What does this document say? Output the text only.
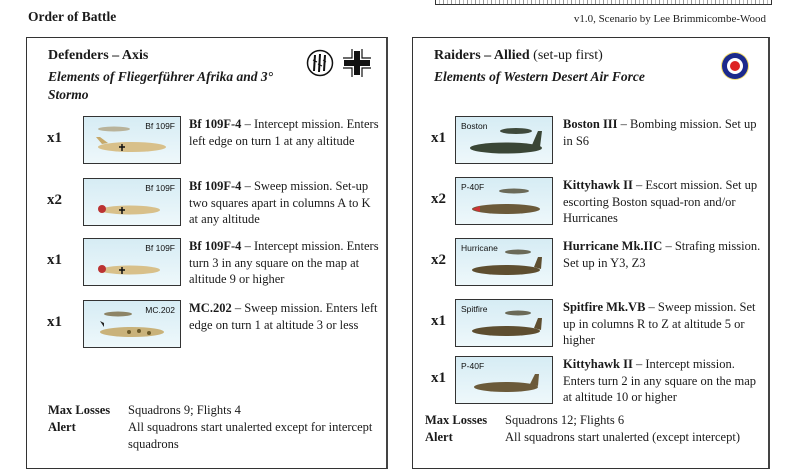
Order of Battle	v1.0, Scenario by Lee Brimmicombe-Wood
Defenders – Axis
Elements of Fliegerführer Afrika and 3° Stormo
x1
Bf 109F Bf 109F-4 – Intercept mission. Enters left edge on turn 1 at any altitude
x2
Bf 109F Bf 109F-4 – Sweep mission. Set-up two squares apart in columns A to K at any altitude
x1
Bf 109F Bf 109F-4 – Intercept mission. Enters turn 3 in any square on the map at altitude 9 or higher
x1
MC.202 MC.202 – Sweep mission. Enters left edge on turn 1 at altitude 3 or less
Max Losses	Squadrons 9; Flights 4
Alert	All squadrons start unalerted except for intercept squadrons
Raiders – Allied (set-up first)
Elements of Western Desert Air Force
x1
Boston	Boston III – Bombing mission. Set up in S6
x2
P-40F	Kittyhawk II – Escort mission. Set up escorting Boston squad-ron and/or Hurricanes
x2
Hurricane	Hurricane Mk.IIC – Strafing mission. Set up in Y3, Z3
x1
Spitfire	Spitfire Mk.VB – Sweep mission. Set up in columns R to Z at altitude 5 or higher
x1
P-40F	Kittyhawk II – Intercept mission. Enters turn 2 in any square on the map at altitude 10 or higher
Max Losses	Squadrons 12; Flights 6
Alert	All squadrons start unalerted (except intercept)
